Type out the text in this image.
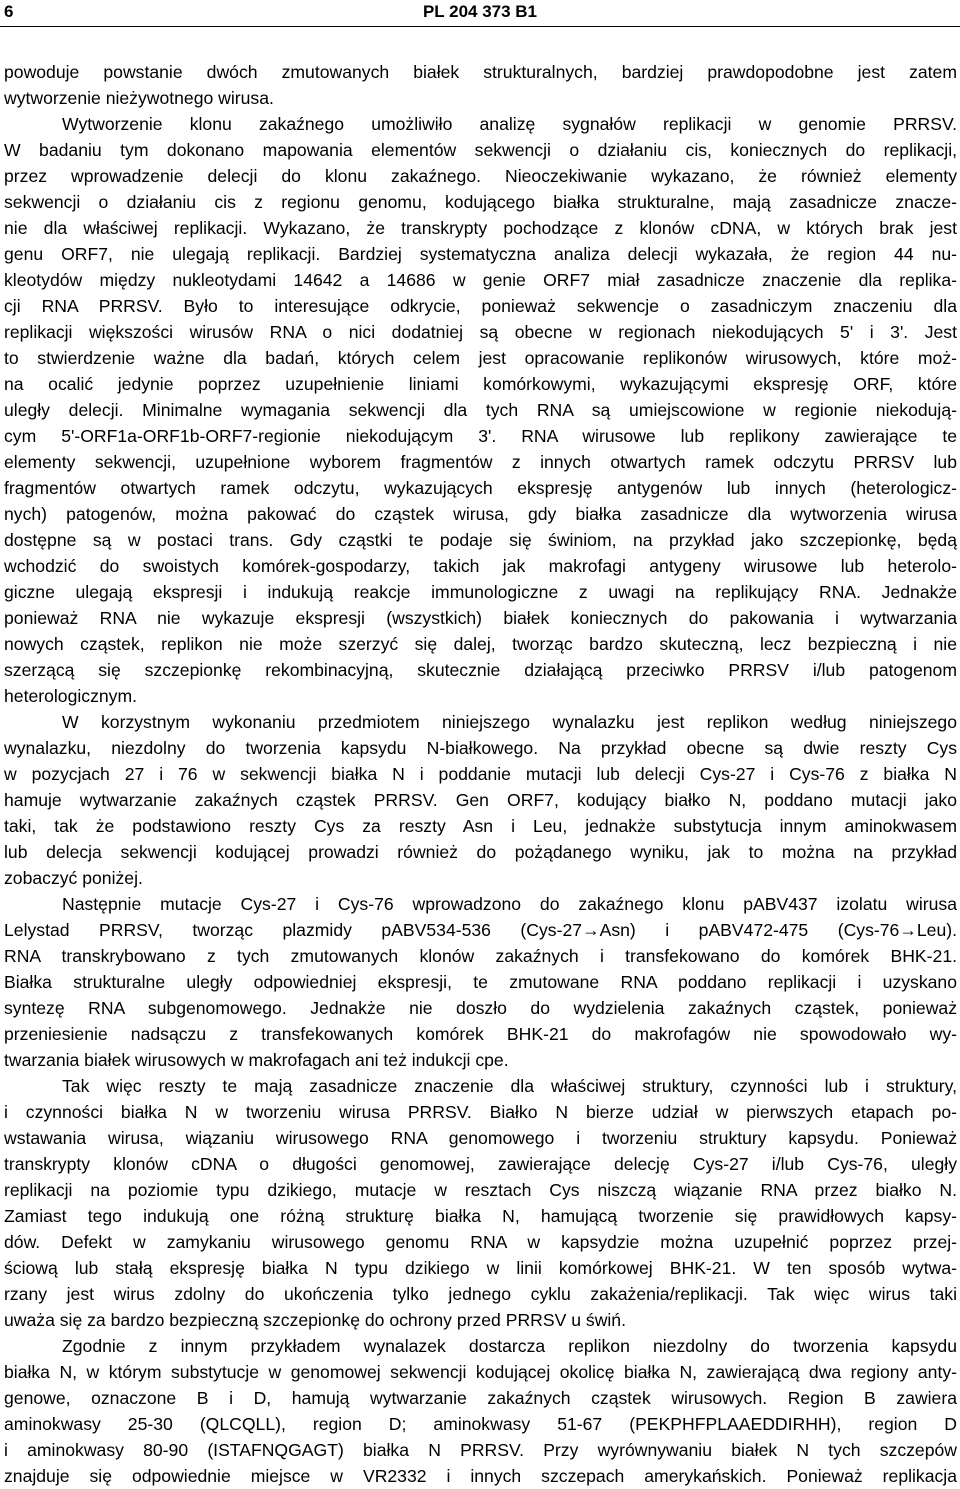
6	PL 204 373 B1
powoduje powstanie dwóch zmutowanych białek strukturalnych, bardziej prawdopodobne jest zatem
wytworzenie nieżywotnego wirusa.
Wytworzenie klonu zakaźnego umożliwiło analizę sygnałów replikacji w genomie PRRSV.
W badaniu tym dokonano mapowania elementów sekwencji o działaniu cis, koniecznych do replikacji,
przez wprowadzenie delecji do klonu zakaźnego. Nieoczekiwanie wykazano, że również elementy
sekwencji o działaniu cis z regionu genomu, kodującego białka strukturalne, mają zasadnicze znacze-
nie dla właściwej replikacji. Wykazano, że transkrypty pochodzące z klonów cDNA, w których brak jest
genu ORF7, nie ulegają replikacji. Bardziej systematyczna analiza delecji wykazała, że region 44 nu-
kleotydów między nukleotydami 14642 a 14686 w genie ORF7 miał zasadnicze znaczenie dla replika-
cji RNA PRRSV. Było to interesujące odkrycie, ponieważ sekwencje o zasadniczym znaczeniu dla
replikacji większości wirusów RNA o nici dodatniej są obecne w regionach niekodujących 5' i 3'. Jest
to stwierdzenie ważne dla badań, których celem jest opracowanie replikonów wirusowych, które moż-
na ocalić jedynie poprzez uzupełnienie liniami komórkowymi, wykazującymi ekspresję ORF, które
uległy delecji. Minimalne wymagania sekwencji dla tych RNA są umiejscowione w regionie niekodują-
cym 5'-ORF1a-ORF1b-ORF7-regionie niekodującym 3'. RNA wirusowe lub replikony zawierające te
elementy sekwencji, uzupełnione wyborem fragmentów z innych otwartych ramek odczytu PRRSV lub
fragmentów otwartych ramek odczytu, wykazujących ekspresję antygenów lub innych (heterologicz-
nych) patogenów, można pakować do cząstek wirusa, gdy białka zasadnicze dla wytworzenia wirusa
dostępne są w postaci trans. Gdy cząstki te podaje się świniom, na przykład jako szczepionkę, będą
wchodzić do swoistych komórek-gospodarzy, takich jak makrofagi antygeny wirusowe lub heterolo-
giczne ulegają ekspresji i indukują reakcje immunologiczne z uwagi na replikujący RNA. Jednakże
ponieważ RNA nie wykazuje ekspresji (wszystkich) białek koniecznych do pakowania i wytwarzania
nowych cząstek, replikon nie może szerzyć się dalej, tworząc bardzo skuteczną, lecz bezpieczną i nie
szerzącą się szczepionkę rekombinacyjną, skutecznie działającą przeciwko PRRSV i/lub patogenom
heterologicznym.
W korzystnym wykonaniu przedmiotem niniejszego wynalazku jest replikon według niniejszego
wynalazku, niezdolny do tworzenia kapsydu N-białkowego. Na przykład obecne są dwie reszty Cys
w pozycjach 27 i 76 w sekwencji białka N i poddanie mutacji lub delecji Cys-27 i Cys-76 z białka N
hamuje wytwarzanie zakaźnych cząstek PRRSV. Gen ORF7, kodujący białko N, poddano mutacji jako
taki, tak że podstawiono reszty Cys za reszty Asn i Leu, jednakże substytucja innym aminokwasem
lub delecja sekwencji kodującej prowadzi również do pożądanego wyniku, jak to można na przykład
zobaczyć poniżej.
Następnie mutacje Cys-27 i Cys-76 wprowadzono do zakaźnego klonu pABV437 izolatu wirusa
Lelystad PRRSV, tworząc plazmidy pABV534-536 (Cys-27→Asn) i pABV472-475 (Cys-76→Leu).
RNA transkrybowano z tych zmutowanych klonów zakaźnych i transfekowano do komórek BHK-21.
Białka strukturalne uległy odpowiedniej ekspresji, te zmutowane RNA poddano replikacji i uzyskano
syntezę RNA subgenomowego. Jednakże nie doszło do wydzielenia zakaźnych cząstek, ponieważ
przeniesienie nadsączu z transfekowanych komórek BHK-21 do makrofagów nie spowodowało wy-
twarzania białek wirusowych w makrofagach ani też indukcji cpe.
Tak więc reszty te mają zasadnicze znaczenie dla właściwej struktury, czynności lub i struktury,
i czynności białka N w tworzeniu wirusa PRRSV. Białko N bierze udział w pierwszych etapach po-
wstawania wirusa, wiązaniu wirusowego RNA genomowego i tworzeniu struktury kapsydu. Ponieważ
transkrypty klonów cDNA o długości genomowej, zawierające delecję Cys-27 i/lub Cys-76, uległy
replikacji na poziomie typu dzikiego, mutacje w resztach Cys niszczą wiązanie RNA przez białko N.
Zamiast tego indukują one różną strukturę białka N, hamującą tworzenie się prawidłowych kapsy-
dów. Defekt w zamykaniu wirusowego genomu RNA w kapsydzie można uzupełnić poprzez przej-
ściową lub stałą ekspresję białka N typu dzikiego w linii komórkowej BHK-21. W ten sposób wytwa-
rzany jest wirus zdolny do ukończenia tylko jednego cyklu zakażenia/replikacji. Tak więc wirus taki
uważa się za bardzo bezpieczną szczepionkę do ochrony przed PRRSV u świń.
Zgodnie z innym przykładem wynalazek dostarcza replikon niezdolny do tworzenia kapsydu
białka N, w którym substytucje w genomowej sekwencji kodującej okolicę białka N, zawierającą dwa regiony anty-
genowe, oznaczone B i D, hamują wytwarzanie zakaźnych cząstek wirusowych. Region B zawiera
aminokwasy 25-30 (QLCQLL), region D; aminokwasy 51-67 (PEKPHFPLAAEDDIRHH), region D
i aminokwasy 80-90 (ISTAFNQGAGT) białka N PRRSV. Przy wyrównywaniu białek N tych szczepów
znajduje się odpowiednie miejsce w VR2332 i innych szczepach amerykańskich. Ponieważ replikacja
